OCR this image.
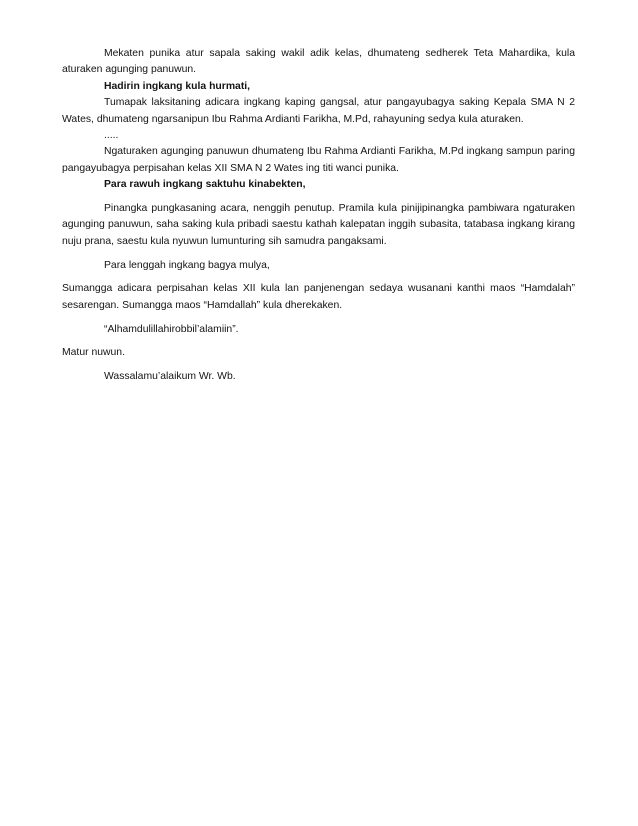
Mekaten punika atur sapala saking wakil adik kelas, dhumateng sedherek Teta Mahardika, kula aturaken agunging panuwun.

Hadirin ingkang kula hurmati,

Tumapak laksitaning adicara ingkang kaping gangsal, atur pangayubagya saking Kepala SMA N 2 Wates, dhumateng ngarsanipun Ibu Rahma Ardianti Farikha, M.Pd, rahayuning sedya kula aturaken.

.....

Ngaturaken agunging panuwun dhumateng Ibu Rahma Ardianti Farikha, M.Pd ingkang sampun paring pangayubagya perpisahan kelas XII SMA N 2 Wates ing titi wanci punika.

Para rawuh ingkang saktuhu kinabekten,

Pinangka pungkasaning acara, nenggih penutup. Pramila kula pinijipinangka pambiwara ngaturaken agunging panuwun, saha saking kula pribadi saestu kathah kalepatan inggih subasita, tatabasa ingkang kirang nuju prana, saestu kula nyuwun lumunturing sih samudra pangaksami.

Para lenggah ingkang bagya mulya,

Sumangga adicara perpisahan kelas XII kula lan panjenengan sedaya wusanani kanthi maos “Hamdalah” sesarengan. Sumangga maos “Hamdallah” kula dherekaken.

“Alhamdulillahirobbil’alamiin”.

Matur nuwun.

Wassalamu’alaikum Wr. Wb.
